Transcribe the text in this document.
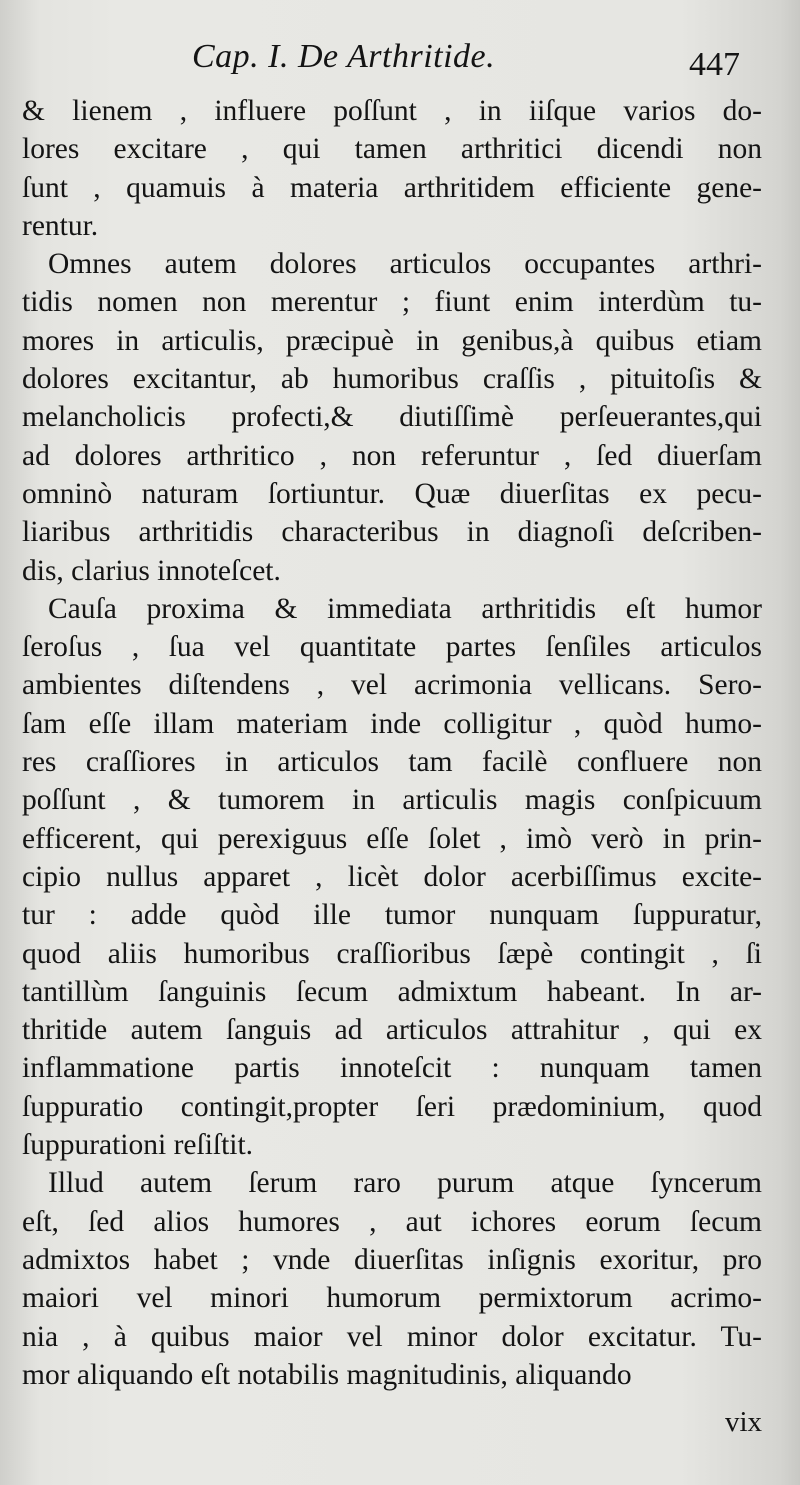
Cap. I. De Arthritide.	447
& lienem , influere poſſunt , in iiſque varios do-
lores excitare , qui tamen arthritici dicendi non
ſunt , quamuis à materia arthritidem efficiente gene-
rentur.
Omnes autem dolores articulos occupantes arthri-
tidis nomen non merentur ; fiunt enim interdùm tu-
mores in articulis, præcipuè in genibus,à quibus etiam
dolores excitantur, ab humoribus craſſis , pituitoſis &
melancholicis profecti,& diutiſſimè perſeuerantes,qui
ad dolores arthritico , non referuntur , ſed diuerſam
omninò naturam ſortiuntur. Quæ diuerſitas ex pecu-
liaribus arthritidis characteribus in diagnoſi deſcriben-
dis, clarius innoteſcet.
Cauſa proxima & immediata arthritidis eſt humor
ſeroſus , ſua vel quantitate partes ſenſiles articulos
ambientes diſtendens , vel acrimonia vellicans. Sero-
ſam eſſe illam materiam inde colligitur , quòd humo-
res craſſiores in articulos tam facilè confluere non
poſſunt , & tumorem in articulis magis conſpicuum
efficerent, qui perexiguus eſſe ſolet , imò verò in prin-
cipio nullus apparet , licèt dolor acerbiſſimus excite-
tur : adde quòd ille tumor nunquam ſuppuratur,
quod aliis humoribus craſſioribus ſæpè contingit , ſi
tantillùm ſanguinis ſecum admixtum habeant. In ar-
thritide autem ſanguis ad articulos attrahitur , qui ex
inflammatione partis innoteſcit : nunquam tamen
ſuppuratio contingit,propter ſeri prædominium, quod
ſuppurationi reſiſtit.
Illud autem ſerum raro purum atque ſyncerum
eſt, ſed alios humores , aut ichores eorum ſecum
admixtos habet ; vnde diuerſitas inſignis exoritur, pro
maiori vel minori humorum permixtorum acrimo-
nia , à quibus maior vel minor dolor excitatur. Tu-
mor aliquando eſt notabilis magnitudinis, aliquando
vix
